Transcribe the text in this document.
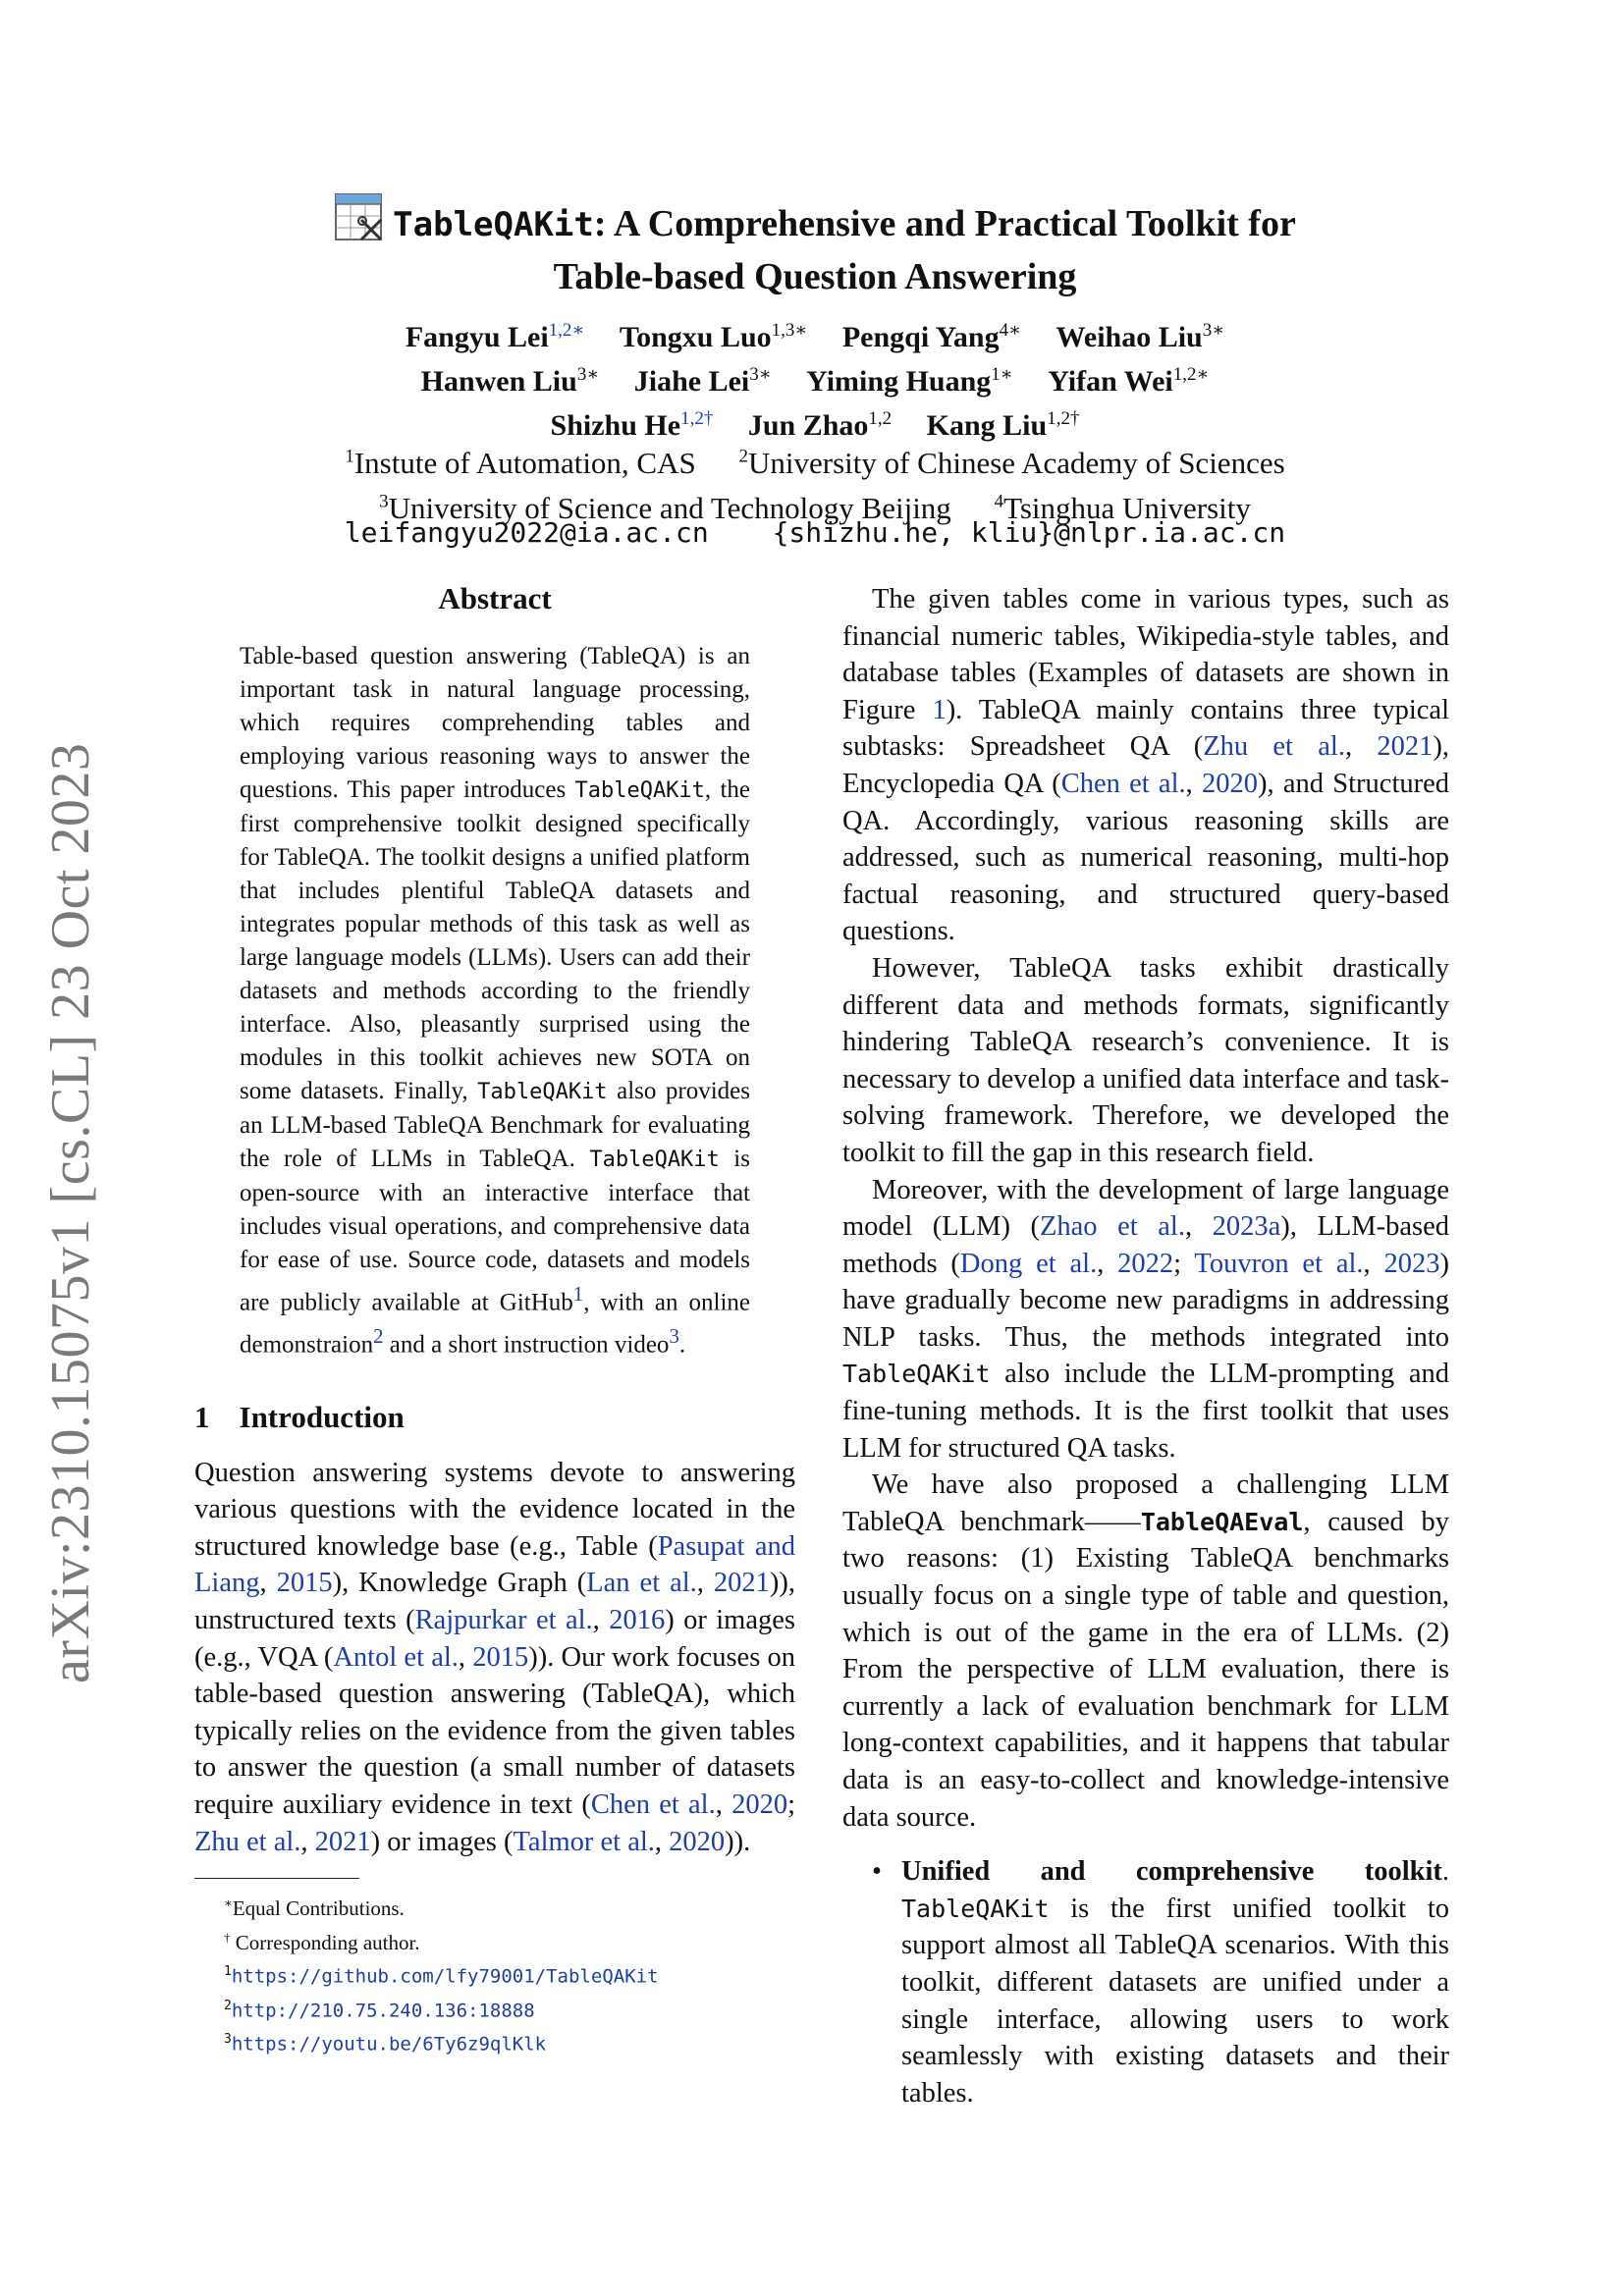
arXiv:2310.15075v1 [cs.CL] 23 Oct 2023
TableQAKit: A Comprehensive and Practical Toolkit for
Table-based Question Answering
Fangyu Lei$^{1,2∗}$ Tongxu Luo$^{1,3∗}$ Pengqi Yang$^{4∗}$ Weihao Liu$^{3∗}$
Hanwen Liu$^{3∗}$ Jiahe Lei$^{3∗}$ Yiming Huang$^{1∗}$ Yifan Wei$^{1,2∗}$
Shizhu $He^{1,2\dagger}$ Jun Zhao$^{1,2}$ Kang Liu$^{1,2\dagger}$
$^1$Instute of Automation, CAS $^2$University of Chinese Academy of Sciences
$^3$University of Science and Technology Beijing $^4$Tsinghua University
leifangyu2022@ia.ac.cn {shizhu.he, kliu}@nlpr.ia.ac.cn
Abstract

Table-based question answering (TableQA) is an important task in natural language processing, which requires comprehending tables and employing various reasoning ways to answer the questions. This paper introduces TableQAKit, the first comprehensive toolkit designed specifically for TableQA. The toolkit designs a unified platform that includes plentiful TableQA datasets and integrates popular methods of this task as well as large language models (LLMs). Users can add their datasets and methods according to the friendly interface. Also, pleasantly surprised using the modules in this toolkit achieves new SOTA on some datasets. Finally, TableQAKit also provides an LLM-based TableQA Benchmark for evaluating the role of LLMs in TableQA. TableQAKit is open-source with an interactive interface that includes visual operations, and comprehensive data for ease of use. Source code, datasets and models are publicly available at GitHub$^1$, with an online demonstraion$^2$ and a short instruction video$^3$.

1 Introduction

Question answering systems devote to answering various questions with the evidence located in the structured knowledge base (e.g., Table (Pasupat and Liang, 2015), Knowledge Graph (Lan et al., 2021)), unstructured texts (Rajpurkar et al., 2016) or images (e.g., VQA (Antol et al., 2015)). Our work focuses on table-based question answering (TableQA), which typically relies on the evidence from the given tables to answer the question (a small number of datasets require auxiliary evidence in text (Chen et al., 2020; Zhu et al., 2021) or images (Talmor et al., 2020)).

∗Equal Contributions.
† Corresponding author.
$^1$https://github.com/lfy79001/TableQAKit
$^2$http://210.75.240.136:18888
$^3$https://youtu.be/6Ty6z9qlKlk

The given tables come in various types, such as financial numeric tables, Wikipedia-style tables, and database tables (Examples of datasets are shown in Figure 1). TableQA mainly contains three typical subtasks: Spreadsheet QA (Zhu et al., 2021), Encyclopedia QA (Chen et al., 2020), and Structured QA. Accordingly, various reasoning skills are addressed, such as numerical reasoning, multi-hop factual reasoning, and structured query-based questions.

However, TableQA tasks exhibit drastically different data and methods formats, significantly hindering TableQA research’s convenience. It is necessary to develop a unified data interface and task-solving framework. Therefore, we developed the toolkit to fill the gap in this research field.

Moreover, with the development of large language model (LLM) (Zhao et al., 2023a), LLM-based methods (Dong et al., 2022; Touvron et al., 2023) have gradually become new paradigms in addressing NLP tasks. Thus, the methods integrated into TableQAKit also include the LLM-prompting and fine-tuning methods. It is the first toolkit that uses LLM for structured QA tasks.

We have also proposed a challenging LLM TableQA benchmark——TableQAEval, caused by two reasons: (1) Existing TableQA benchmarks usually focus on a single type of table and question, which is out of the game in the era of LLMs. (2) From the perspective of LLM evaluation, there is currently a lack of evaluation benchmark for LLM long-context capabilities, and it happens that tabular data is an easy-to-collect and knowledge-intensive data source.

• Unified and comprehensive toolkit. TableQAKit is the first unified toolkit to support almost all TableQA scenarios. With this toolkit, different datasets are unified under a single interface, allowing users to work seamlessly with existing datasets and their tables.
